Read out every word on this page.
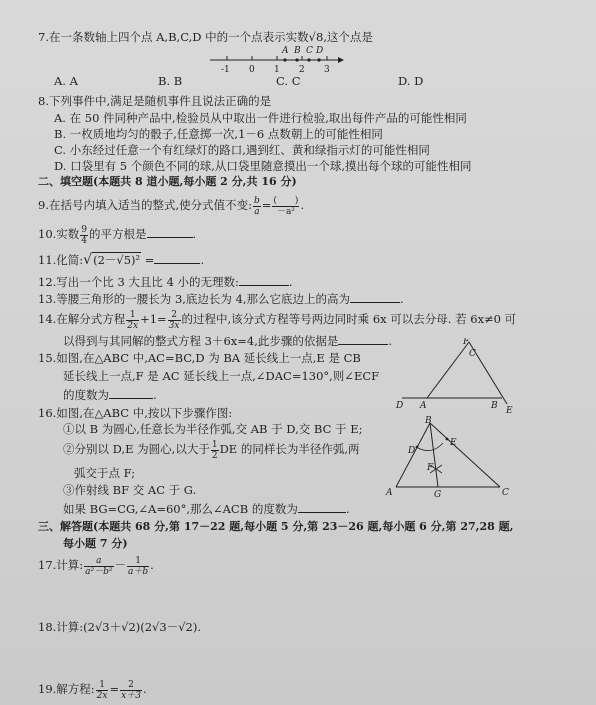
7.在一条数轴上四个点 A,B,C,D 中的一个点表示实数√8,这个点是
A B C D
-1 0 1 2 3
A. A	B. B	C. C	D. D
8.下列事件中,满足是随机事件且说法正确的是
A. 在 50 件同种产品中,检验员从中取出一件进行检验,取出每件产品的可能性相同
B. 一枚质地均匀的骰子,任意掷一次,1－6 点数朝上的可能性相同
C. 小东经过任意一个有红绿灯的路口,遇到红、黄和绿指示灯的可能性相同
D. 口袋里有 5 个颜色不同的球,从口袋里随意摸出一个球,摸出每个球的可能性相同
二、填空题(本题共 8 道小题,每小题 2 分,共 16 分)
9.在括号内填入适当的整式,使分式值不变: $\frac{b}{a} = \frac{( )}{\text{－a²}}$ .
10.实数 $\frac{9}{4}$ 的平方根是	.
11.化简:√(2－√5)² =	.
12.写出一个比 3 大且比 4 小的无理数:	.
13.等腰三角形的一腰长为 3,底边长为 4,那么它底边上的高为	.
14.在解分式方程 $\frac{1}{2x} +1= \frac{2}{3x}$ 的过程中,该分式方程等号两边同时乘 6x 可以去分母. 若 6x≠0 可
以得到与其同解的整式方程 3＋6x=4,此步骤的依据是	.
15.如图,在△ABC 中,AC=BC,D 为 BA 延长线上一点,E 是 CB
延长线上一点,F 是 AC 延长线上一点,∠DAC=130°,则∠ECF
的度数为	.
F
C
D A	B E
16.如图,在△ABC 中,按以下步骤作图:
①以 B 为圆心,任意长为半径作弧,交 AB 于 D,交 BC 于 E;
②分别以 D,E 为圆心,以大于 $\frac{1}{2}$ DE 的同样长为半径作弧,两
弧交于点 F;
③作射线 BF 交 AC 于 G.
如果 BG=CG,∠A=60°,那么∠ACB 的度数为	.
B
D
E
F
A	G	C
三、解答题(本题共 68 分,第 17－22 题,每小题 5 分,第 23－26 题,每小题 6 分,第 27,28 题,
每小题 7 分)
17.计算: $\frac{a}{\text{a²－b²}} - \frac{1}{a+b}$ .
18.计算:(2√3＋√2)(2√3－√2).
19.解方程: $\frac{1}{2x} = \frac{2}{x+3}$ .
